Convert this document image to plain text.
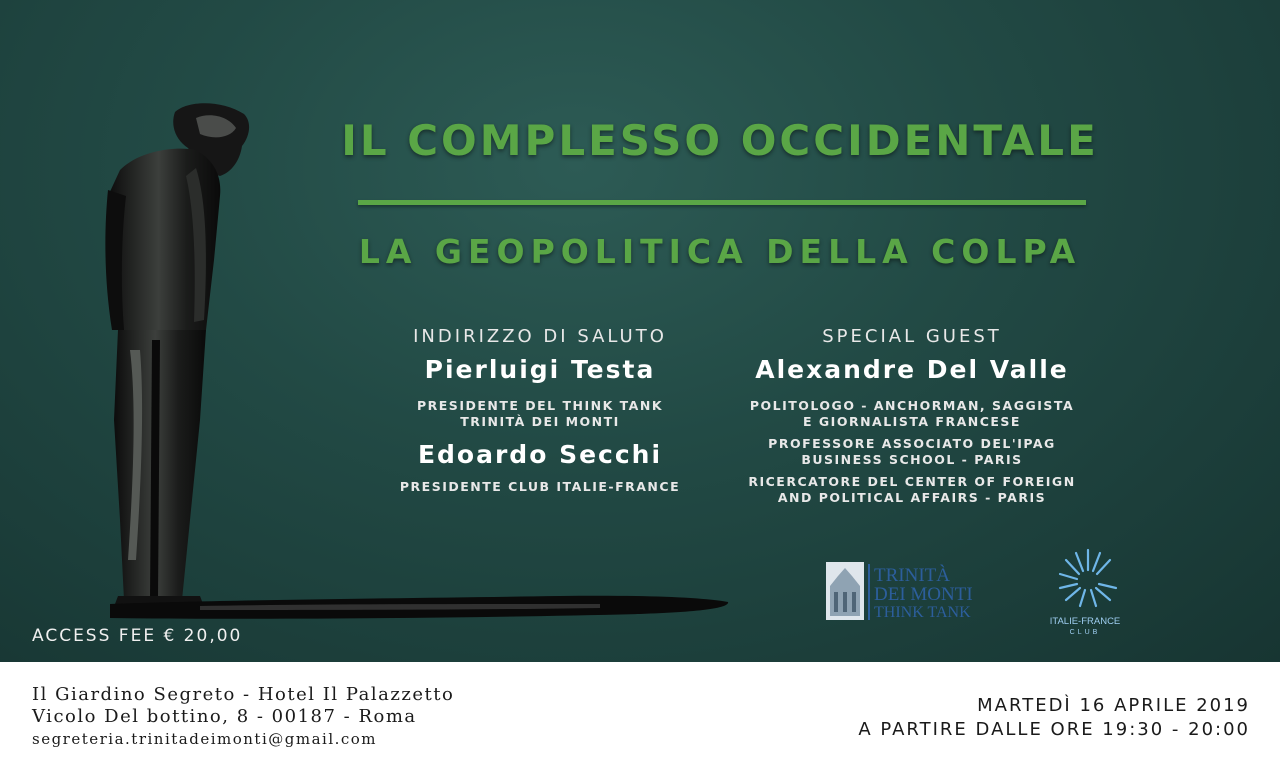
IL COMPLESSO OCCIDENTALE
LA GEOPOLITICA DELLA COLPA
INDIRIZZO DI SALUTO
Pierluigi Testa
PRESIDENTE DEL THINK TANK
TRINITÀ DEI MONTI
Edoardo Secchi
PRESIDENTE CLUB ITALIE-FRANCE
SPECIAL GUEST
Alexandre Del Valle
POLITOLOGO - ANCHORMAN, SAGGISTA
E GIORNALISTA FRANCESE
PROFESSORE ASSOCIATO DEL'IPAG
BUSINESS SCHOOL - PARIS
RICERCATORE DEL CENTER OF FOREIGN
AND POLITICAL AFFAIRS - PARIS
TRINITÀ
DEI MONTI
THINK TANK
ITALIE-FRANCE
CLUB
ACCESS FEE € 20,00
Il Giardino Segreto - Hotel Il Palazzetto
Vicolo Del bottino, 8 - 00187 - Roma
segreteria.trinitadeimonti@gmail.com
MARTEDÌ 16 APRILE 2019
A PARTIRE DALLE ORE 19:30 - 20:00
